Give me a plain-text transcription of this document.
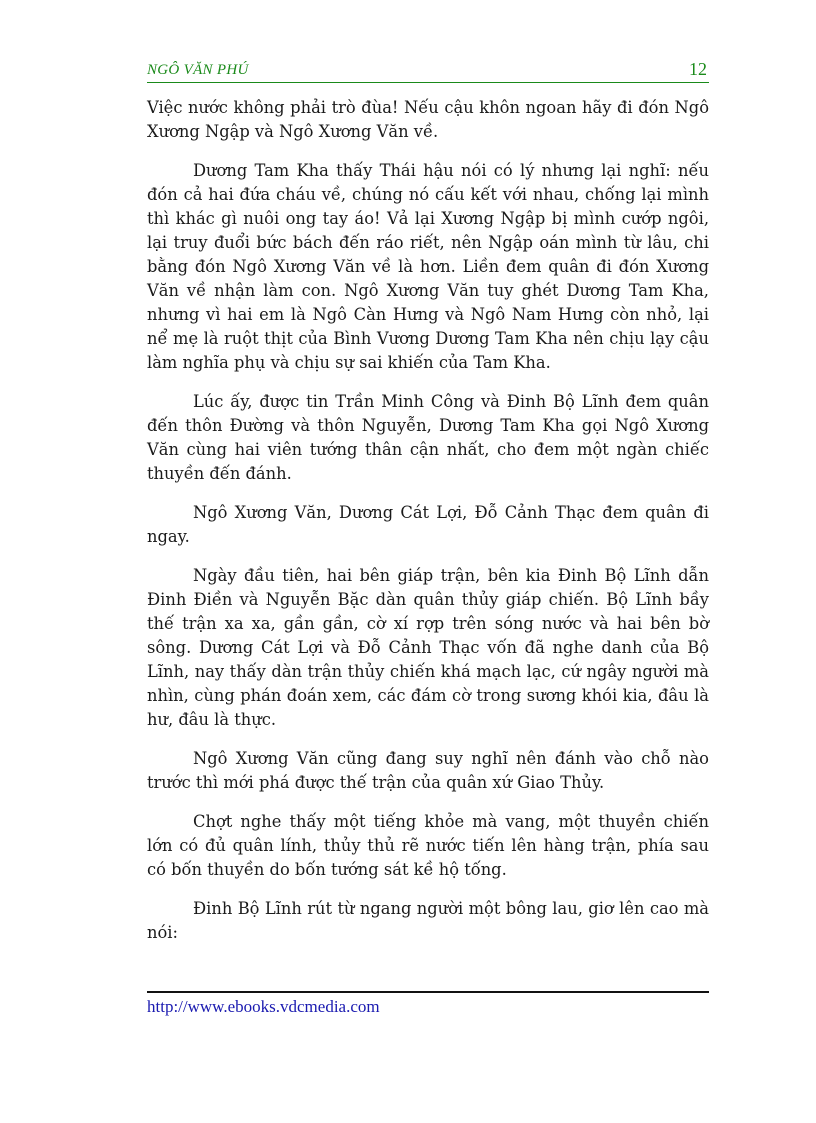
NGÔ VĂN PHÚ	12

Việc nước không phải trò đùa! Nếu cậu khôn ngoan hãy đi đón Ngô Xương Ngập và Ngô Xương Văn về.

Dương Tam Kha thấy Thái hậu nói có lý nhưng lại nghĩ: nếu đón cả hai đứa cháu về, chúng nó cấu kết với nhau, chống lại mình thì khác gì nuôi ong tay áo! Vả lại Xương Ngập bị mình cướp ngôi, lại truy đuổi bức bách đến ráo riết, nên Ngập oán mình từ lâu, chi bằng đón Ngô Xương Văn về là hơn. Liền đem quân đi đón Xương Văn về nhận làm con. Ngô Xương Văn tuy ghét Dương Tam Kha, nhưng vì hai em là Ngô Càn Hưng và Ngô Nam Hưng còn nhỏ, lại nể mẹ là ruột thịt của Bình Vương Dương Tam Kha nên chịu lạy cậu làm nghĩa phụ và chịu sự sai khiến của Tam Kha.

Lúc ấy, được tin Trần Minh Công và Đinh Bộ Lĩnh đem quân đến thôn Đường và thôn Nguyễn, Dương Tam Kha gọi Ngô Xương Văn cùng hai viên tướng thân cận nhất, cho đem một ngàn chiếc thuyền đến đánh.

Ngô Xương Văn, Dương Cát Lợi, Đỗ Cảnh Thạc đem quân đi ngay.

Ngày đầu tiên, hai bên giáp trận, bên kia Đinh Bộ Lĩnh dẫn Đinh Điền và Nguyễn Bặc dàn quân thủy giáp chiến. Bộ Lĩnh bầy thế trận xa xa, gần gần, cờ xí rợp trên sóng nước và hai bên bờ sông. Dương Cát Lợi và Đỗ Cảnh Thạc vốn đã nghe danh của Bộ Lĩnh, nay thấy dàn trận thủy chiến khá mạch lạc, cứ ngây người mà nhìn, cùng phán đoán xem, các đám cờ trong sương khói kia, đâu là hư, đâu là thực.

Ngô Xương Văn cũng đang suy nghĩ nên đánh vào chỗ nào trước thì mới phá được thế trận của quân xứ Giao Thủy.

Chợt nghe thấy một tiếng khỏe mà vang, một thuyền chiến lớn có đủ quân lính, thủy thủ rẽ nước tiến lên hàng trận, phía sau có bốn thuyền do bốn tướng sát kề hộ tống.

Đinh Bộ Lĩnh rút từ ngang người một bông lau, giơ lên cao mà nói:

http://www.ebooks.vdcmedia.com
